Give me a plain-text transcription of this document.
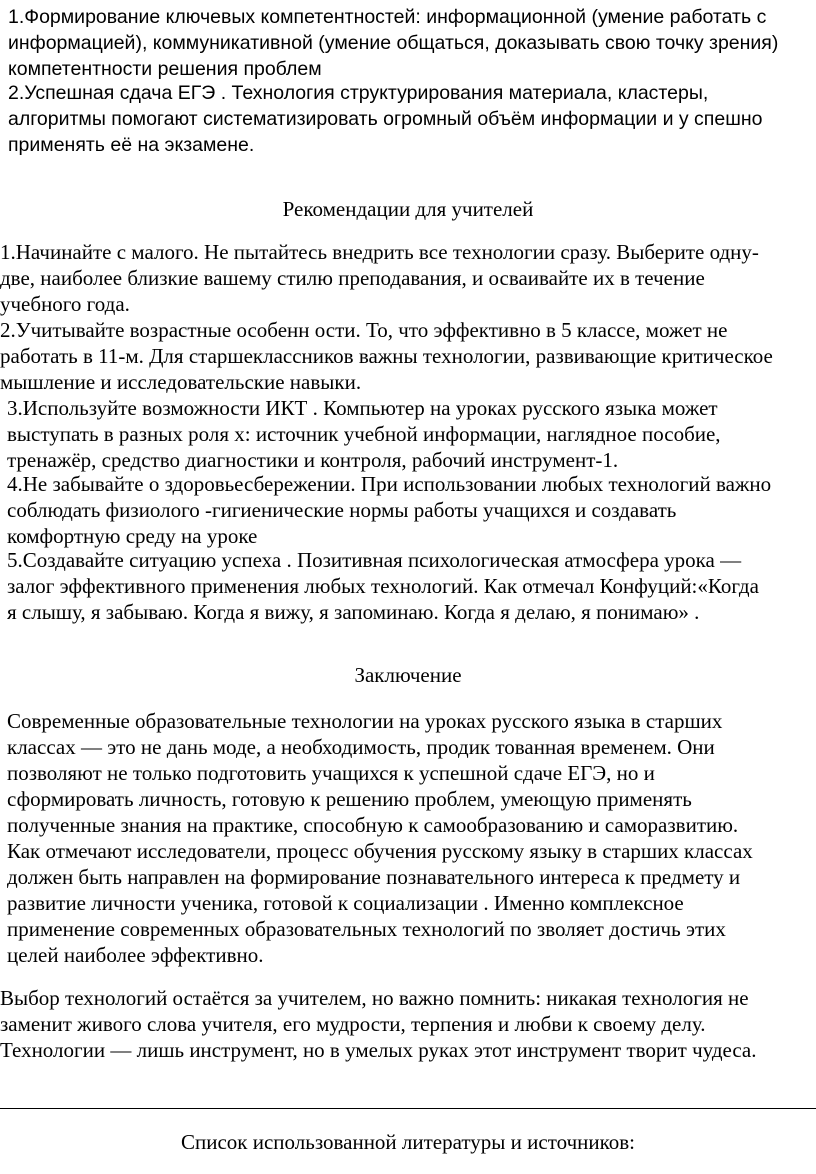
1.Формирование ключевых компетентностей: информационной (умение работать с
информацией), коммуникативной (умение общаться, доказывать свою точку зрения)
компетентности решения проблем

2.Успешная сдача ЕГЭ . Технология структурирования материала, кластеры,
алгоритмы помогают систематизировать огромный объём информации и у спешно
применять её на экзамене.

Рекомендации для учителей

1.Начинайте с малого. Не пытайтесь внедрить все технологии сразу. Выберите одну-
две, наиболее близкие вашему стилю преподавания, и осваивайте их в течение
учебного года.

2.Учитывайте возрастные особенн ости. То, что эффективно в 5 классе, может не
работать в 11-м. Для старшеклассников важны технологии, развивающие критическое
мышление и исследовательские навыки.

3.Используйте возможности ИКТ . Компьютер на уроках русского языка может
выступать в разных роля х: источник учебной информации, наглядное пособие,
тренажёр, средство диагностики и контроля, рабочий инструмент-1.

4.Не забывайте о здоровьесбережении. При использовании любых технологий важно
соблюдать физиолого -гигиенические нормы работы учащихся и создавать
комфортную среду на уроке

5.Создавайте ситуацию успеха . Позитивная психологическая атмосфера урока —
залог эффективного применения любых технологий. Как отмечал Конфуций:«Когда
я слышу, я забываю. Когда я вижу, я запоминаю. Когда я делаю, я понимаю» .

Заключение

Современные образовательные технологии на уроках русского языка в старших
классах — это не дань моде, а необходимость, продик тованная временем. Они
позволяют не только подготовить учащихся к успешной сдаче ЕГЭ, но и
сформировать личность, готовую к решению проблем, умеющую применять
полученные знания на практике, способную к самообразованию и саморазвитию.
Как отмечают исследователи, процесс обучения русскому языку в старших классах
должен быть направлен на формирование познавательного интереса к предмету и
развитие личности ученика, готовой к социализации . Именно комплексное
применение современных образовательных технологий по зволяет достичь этих
целей наиболее эффективно.

Выбор технологий остаётся за учителем, но важно помнить: никакая технология не
заменит живого слова учителя, его мудрости, терпения и любви к своему делу.
Технологии — лишь инструмент, но в умелых руках этот инструмент творит чудеса.

Список использованной литературы и источников:
